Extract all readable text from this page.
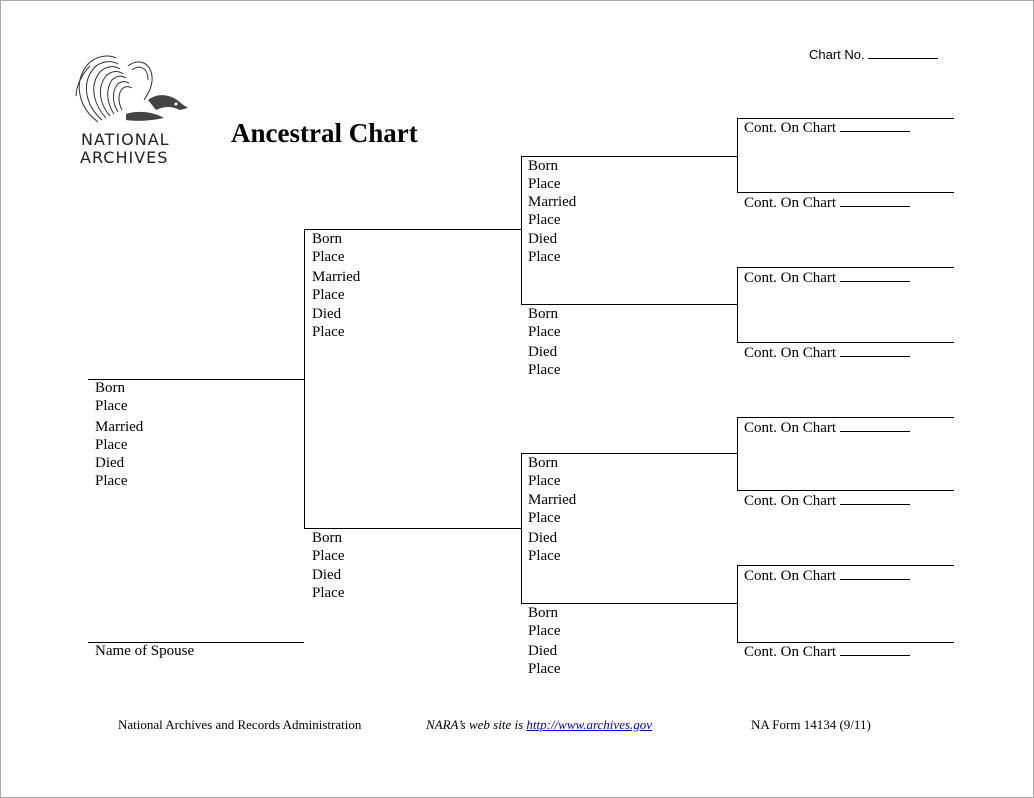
NATIONAL
ARCHIVES
Chart No.
Ancestral Chart
Born
Place
Married
Place
Died
Place
Name of Spouse
Born
Place
Married
Place
Died
Place
Born
Place
Died
Place
Born
Place
Married
Place
Died
Place
Born
Place
Died
Place
Born
Place
Married
Place
Died
Place
Born
Place
Died
Place
Cont. On Chart
Cont. On Chart
Cont. On Chart
Cont. On Chart
Cont. On Chart
Cont. On Chart
Cont. On Chart
Cont. On Chart
National Archives and Records Administration	NARA’s web site is http://www.archives.gov	NA Form 14134 (9/11)
